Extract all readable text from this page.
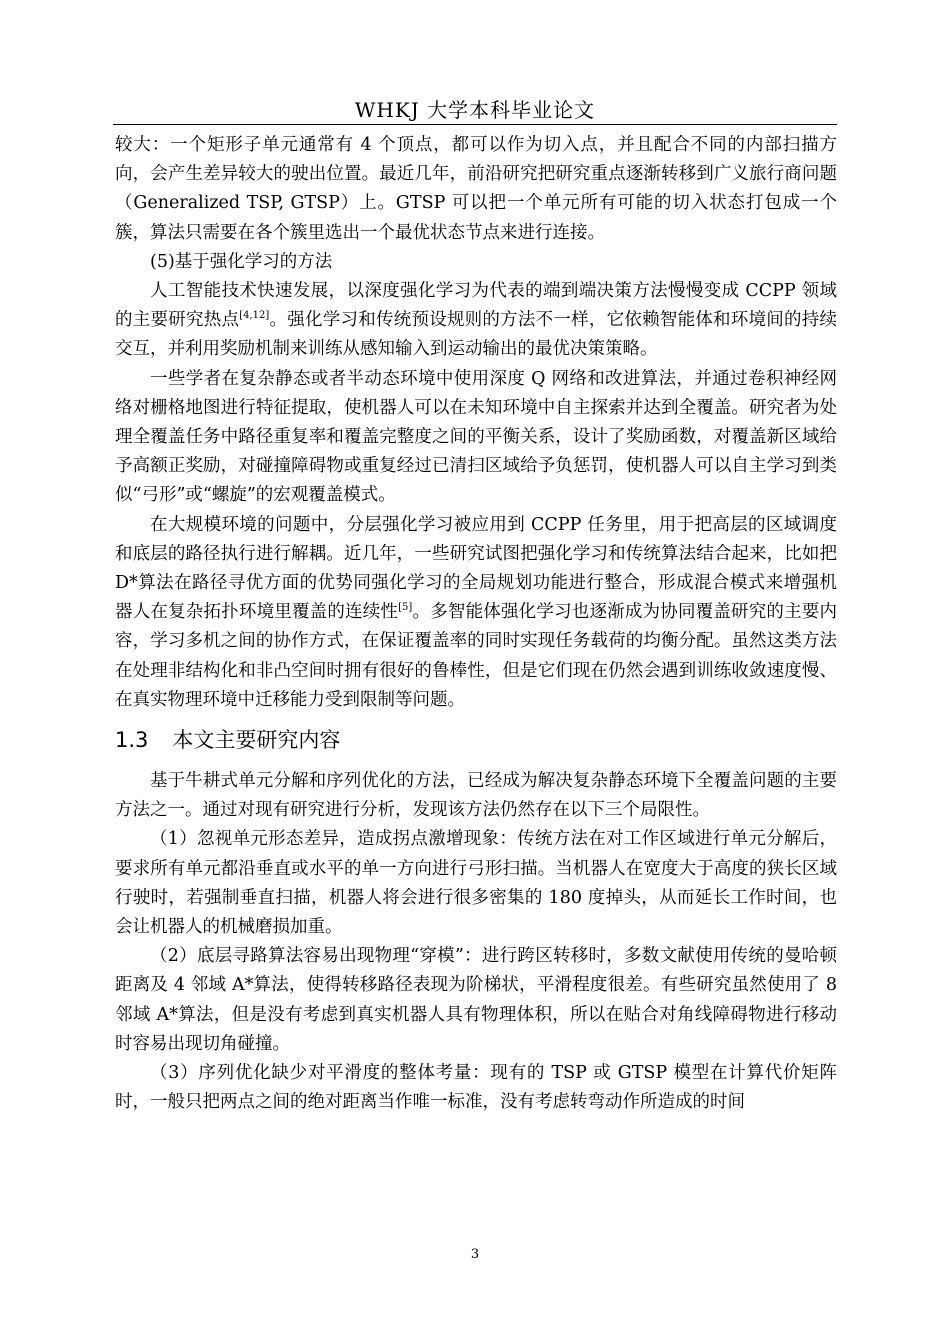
WHKJ 大学本科毕业论文

较大：一个矩形子单元通常有 4 个顶点，都可以作为切入点，并且配合不同的内部扫描方向，会产生差异较大的驶出位置。最近几年，前沿研究把研究重点逐渐转移到广义旅行商问题（Generalized TSP, GTSP）上。GTSP 可以把一个单元所有可能的切入状态打包成一个簇，算法只需要在各个簇里选出一个最优状态节点来进行连接。

(5)基于强化学习的方法

人工智能技术快速发展，以深度强化学习为代表的端到端决策方法慢慢变成 CCPP 领域的主要研究热点[4,12]。强化学习和传统预设规则的方法不一样，它依赖智能体和环境间的持续交互，并利用奖励机制来训练从感知输入到运动输出的最优决策策略。

一些学者在复杂静态或者半动态环境中使用深度 Q 网络和改进算法，并通过卷积神经网络对栅格地图进行特征提取，使机器人可以在未知环境中自主探索并达到全覆盖。研究者为处理全覆盖任务中路径重复率和覆盖完整度之间的平衡关系，设计了奖励函数，对覆盖新区域给予高额正奖励，对碰撞障碍物或重复经过已清扫区域给予负惩罚，使机器人可以自主学习到类似“弓形”或“螺旋”的宏观覆盖模式。

在大规模环境的问题中，分层强化学习被应用到 CCPP 任务里，用于把高层的区域调度和底层的路径执行进行解耦。近几年，一些研究试图把强化学习和传统算法结合起来，比如把 D*算法在路径寻优方面的优势同强化学习的全局规划功能进行整合，形成混合模式来增强机器人在复杂拓扑环境里覆盖的连续性[5]。多智能体强化学习也逐渐成为协同覆盖研究的主要内容，学习多机之间的协作方式，在保证覆盖率的同时实现任务载荷的均衡分配。虽然这类方法在处理非结构化和非凸空间时拥有很好的鲁棒性，但是它们现在仍然会遇到训练收敛速度慢、在真实物理环境中迁移能力受到限制等问题。

1.3 本文主要研究内容

基于牛耕式单元分解和序列优化的方法，已经成为解决复杂静态环境下全覆盖问题的主要方法之一。通过对现有研究进行分析，发现该方法仍然存在以下三个局限性。

（1）忽视单元形态差异，造成拐点激增现象：传统方法在对工作区域进行单元分解后，要求所有单元都沿垂直或水平的单一方向进行弓形扫描。当机器人在宽度大于高度的狭长区域行驶时，若强制垂直扫描，机器人将会进行很多密集的 180 度掉头，从而延长工作时间，也会让机器人的机械磨损加重。

（2）底层寻路算法容易出现物理“穿模”：进行跨区转移时，多数文献使用传统的曼哈顿距离及 4 邻域 A*算法，使得转移路径表现为阶梯状，平滑程度很差。有些研究虽然使用了 8 邻域 A*算法，但是没有考虑到真实机器人具有物理体积，所以在贴合对角线障碍物进行移动时容易出现切角碰撞。

（3）序列优化缺少对平滑度的整体考量：现有的 TSP 或 GTSP 模型在计算代价矩阵时，一般只把两点之间的绝对距离当作唯一标准，没有考虑转弯动作所造成的时间

3
